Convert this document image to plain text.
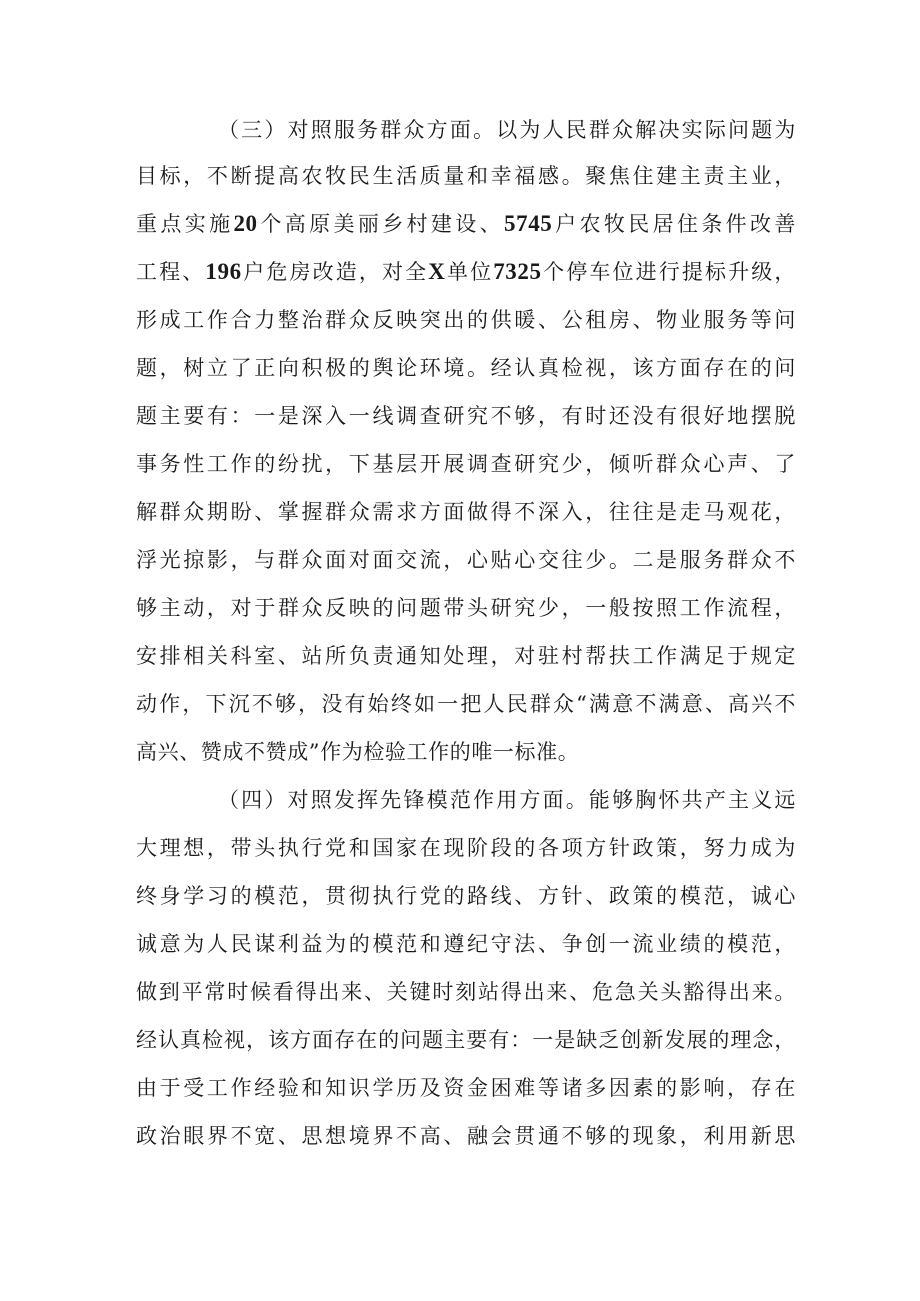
（三）对照服务群众方面。以为人民群众解决实际问题为
目标，不断提高农牧民生活质量和幸福感。聚焦住建主责主业，
重点实施20个高原美丽乡村建设、5745户农牧民居住条件改善
工程、196户危房改造，对全X单位7325个停车位进行提标升级，
形成工作合力整治群众反映突出的供暖、公租房、物业服务等问
题，树立了正向积极的舆论环境。经认真检视，该方面存在的问
题主要有：一是深入一线调查研究不够，有时还没有很好地摆脱
事务性工作的纷扰，下基层开展调查研究少，倾听群众心声、了
解群众期盼、掌握群众需求方面做得不深入，往往是走马观花，
浮光掠影，与群众面对面交流，心贴心交往少。二是服务群众不
够主动，对于群众反映的问题带头研究少，一般按照工作流程，
安排相关科室、站所负责通知处理，对驻村帮扶工作满足于规定
动作，下沉不够，没有始终如一把人民群众“满意不满意、高兴不
高兴、赞成不赞成”作为检验工作的唯一标准。
（四）对照发挥先锋模范作用方面。能够胸怀共产主义远
大理想，带头执行党和国家在现阶段的各项方针政策，努力成为
终身学习的模范，贯彻执行党的路线、方针、政策的模范，诚心
诚意为人民谋利益为的模范和遵纪守法、争创一流业绩的模范，
做到平常时候看得出来、关键时刻站得出来、危急关头豁得出来。
经认真检视，该方面存在的问题主要有：一是缺乏创新发展的理念，
由于受工作经验和知识学历及资金困难等诸多因素的影响，存在
政治眼界不宽、思想境界不高、融会贯通不够的现象，利用新思
